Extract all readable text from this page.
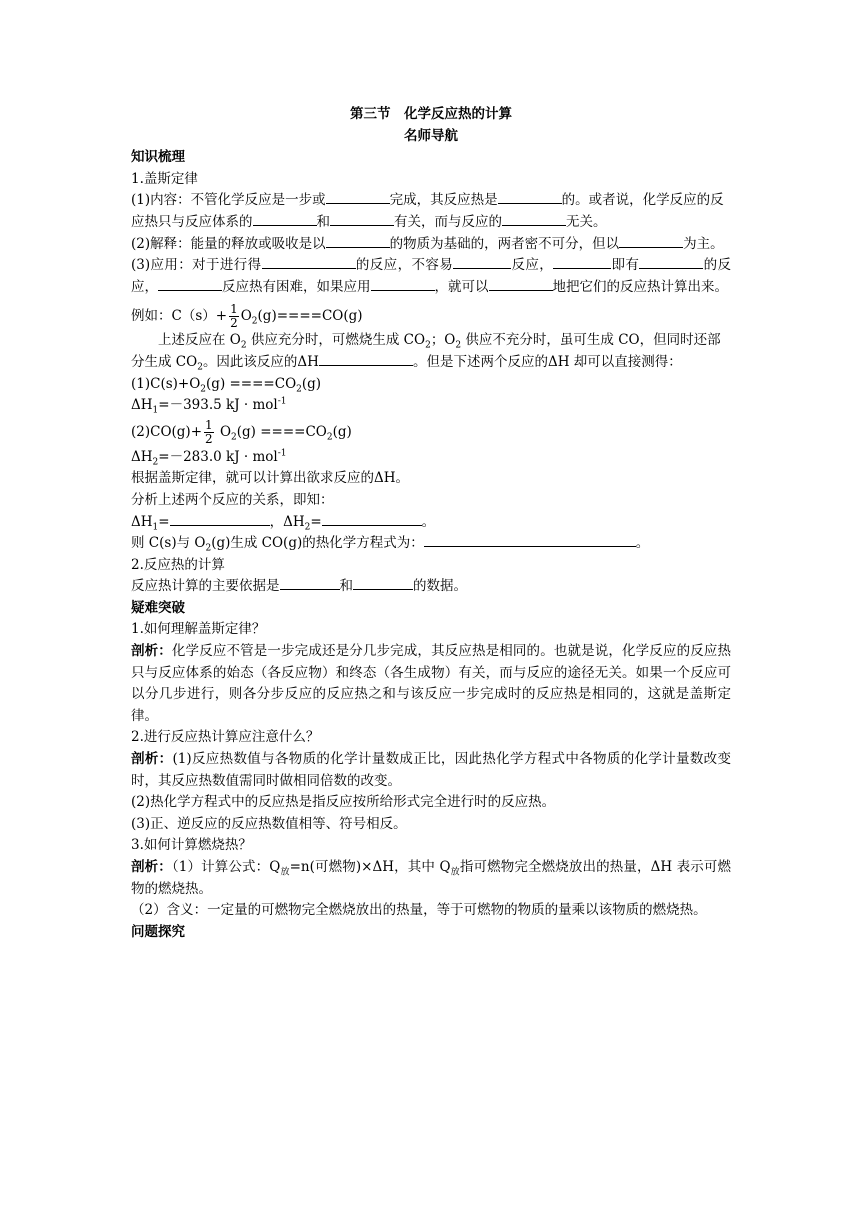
第三节　化学反应热的计算

名师导航

知识梳理

1.盖斯定律

(1)内容：不管化学反应是一步或	完成，其反应热是	的。或者说，化学反应的反应热只与反应体系的	和	有关，而与反应的	无关。

(2)解释：能量的释放或吸收是以	的物质为基础的，两者密不可分，但以	为主。

(3)应用：对于进行得	的反应，不容易	反应，	即有	的反应，	反应热有困难，如果应用	，就可以	地把它们的反应热计算出来。

例如：$C(s)+ \frac{1}{2} O_2(g)====CO(g)$

上述反应在 $O_2$ 供应充分时，可燃烧生成 $CO_2$；$O_2$ 供应不充分时，虽可生成 CO，但同时还部分生成 $CO_2$。因此该反应的ΔH	。但是下述两个反应的ΔH 却可以直接测得：

$(1)C(s)+O_2(g) ====CO_2(g)$

$\Delta H_1=-393.5$ kJ · mol$^{-1}$

$(2)CO(g)+ \frac{1}{2} O_2(g) ====CO_2(g)$

$\Delta H_2=-283.0$ kJ · mol$^{-1}$

根据盖斯定律，就可以计算出欲求反应的ΔH。

分析上述两个反应的关系，即知：

$\Delta H_1=$	，$\Delta H_2=$	。

则 C(s)与 $O_2(g)$生成 CO(g)的热化学方程式为：	。

2.反应热的计算

反应热计算的主要依据是	和	的数据。

疑难突破

1.如何理解盖斯定律？

剖析：化学反应不管是一步完成还是分几步完成，其反应热是相同的。也就是说，化学反应的反应热只与反应体系的始态（各反应物）和终态（各生成物）有关，而与反应的途径无关。如果一个反应可以分几步进行，则各分步反应的反应热之和与该反应一步完成时的反应热是相同的，这就是盖斯定律。

2.进行反应热计算应注意什么？

剖析：(1)反应热数值与各物质的化学计量数成正比，因此热化学方程式中各物质的化学计量数改变时，其反应热数值需同时做相同倍数的改变。

(2)热化学方程式中的反应热是指反应按所给形式完全进行时的反应热。

(3)正、逆反应的反应热数值相等、符号相反。

3.如何计算燃烧热？

剖析：（1）计算公式：$Q_放=n$(可燃物)×ΔH，其中 $Q_放$指可燃物完全燃烧放出的热量，ΔH 表示可燃物的燃烧热。

（2）含义：一定量的可燃物完全燃烧放出的热量，等于可燃物的物质的量乘以该物质的燃烧热。

问题探究
